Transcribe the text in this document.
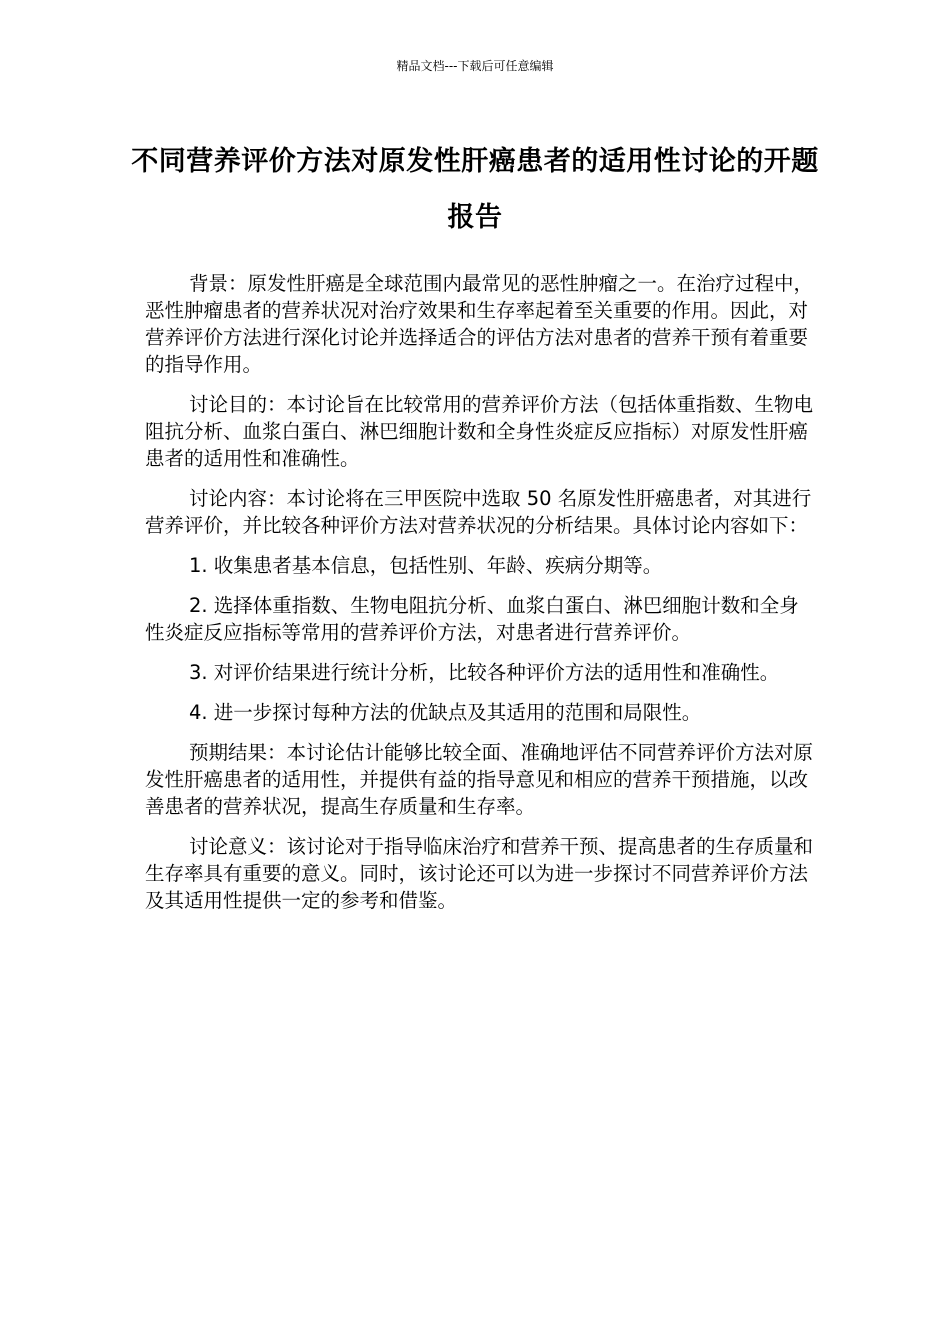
精品文档---下载后可任意编辑
不同营养评价方法对原发性肝癌患者的适用性讨论的开题报告

背景：原发性肝癌是全球范围内最常见的恶性肿瘤之一。在治疗过程中，恶性肿瘤患者的营养状况对治疗效果和生存率起着至关重要的作用。因此，对营养评价方法进行深化讨论并选择适合的评估方法对患者的营养干预有着重要的指导作用。

讨论目的：本讨论旨在比较常用的营养评价方法（包括体重指数、生物电阻抗分析、血浆白蛋白、淋巴细胞计数和全身性炎症反应指标）对原发性肝癌患者的适用性和准确性。

讨论内容：本讨论将在三甲医院中选取 50 名原发性肝癌患者，对其进行营养评价，并比较各种评价方法对营养状况的分析结果。具体讨论内容如下：

1. 收集患者基本信息，包括性别、年龄、疾病分期等。

2. 选择体重指数、生物电阻抗分析、血浆白蛋白、淋巴细胞计数和全身性炎症反应指标等常用的营养评价方法，对患者进行营养评价。

3. 对评价结果进行统计分析，比较各种评价方法的适用性和准确性。

4. 进一步探讨每种方法的优缺点及其适用的范围和局限性。

预期结果：本讨论估计能够比较全面、准确地评估不同营养评价方法对原发性肝癌患者的适用性，并提供有益的指导意见和相应的营养干预措施，以改善患者的营养状况，提高生存质量和生存率。

讨论意义：该讨论对于指导临床治疗和营养干预、提高患者的生存质量和生存率具有重要的意义。同时，该讨论还可以为进一步探讨不同营养评价方法及其适用性提供一定的参考和借鉴。
